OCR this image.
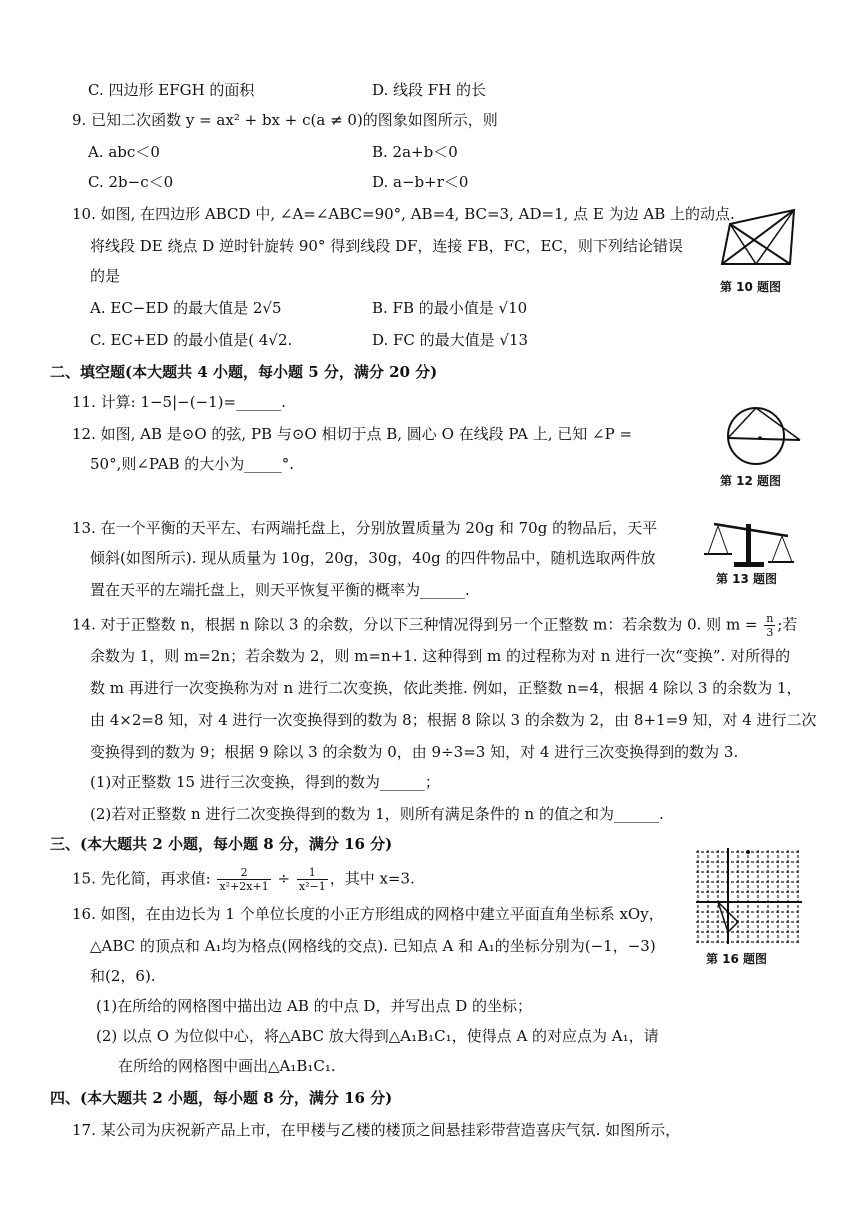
C. 四边形 EFGH 的面积	D. 线段 FH 的长
9. 已知二次函数 y = ax² + bx + c(a ≠ 0)的图象如图所示，则
A. abc＜0	B. 2a+b＜0
C. 2b−c＜0	D. a−b+r＜0
10. 如图, 在四边形 ABCD 中, ∠A=∠ABC=90°, AB=4, BC=3, AD=1, 点 E 为边 AB 上的动点.
将线段 DE 绕点 D 逆时针旋转 90° 得到线段 DF，连接 FB，FC，EC，则下列结论错误
的是
A. EC−ED 的最大值是 2√5	B. FB 的最小值是 √10
C. EC+ED 的最小值是( 4√2.	D. FC 的最大值是 √13
第 10 题图
二、填空题(本大题共 4 小题，每小题 5 分，满分 20 分)
11. 计算: 1−5|−(−1)=______.
12. 如图, AB 是⊙O 的弦, PB 与⊙O 相切于点 B, 圆心 O 在线段 PA 上, 已知 ∠P =
50°,则∠PAB 的大小为_____°.
第 12 题图
13. 在一个平衡的天平左、右两端托盘上，分别放置质量为 20g 和 70g 的物品后，天平
倾斜(如图所示). 现从质量为 10g，20g，30g，40g 的四件物品中，随机选取两件放
置在天平的左端托盘上，则天平恢复平衡的概率为______.
第 13 题图
14. 对于正整数 n，根据 n 除以 3 的余数，分以下三种情况得到另一个正整数 m：若余数为 0. 则 $m = \frac{n}{3}$ ;若
余数为 1，则 m=2n；若余数为 2，则 m=n+1. 这种得到 m 的过程称为对 n 进行一次“变换”. 对所得的
数 m 再进行一次变换称为对 n 进行二次变换，依此类推. 例如，正整数 n=4，根据 4 除以 3 的余数为 1，
由 4×2=8 知，对 4 进行一次变换得到的数为 8；根据 8 除以 3 的余数为 2，由 8+1=9 知，对 4 进行二次
变换得到的数为 9；根据 9 除以 3 的余数为 0，由 9÷3=3 知，对 4 进行三次变换得到的数为 3.
(1)对正整数 15 进行三次变换，得到的数为______；
(2)若对正整数 n 进行二次变换得到的数为 1，则所有满足条件的 n 的值之和为______.
三、(本大题共 2 小题，每小题 8 分，满分 16 分)
15. 先化简，再求值: $\frac{2}{\text{x²+2x+1}} \div \frac{1}{\text{x²−1}}$ ，其中 x=3.
16. 如图，在由边长为 1 个单位长度的小正方形组成的网格中建立平面直角坐标系 xOy，
△ABC 的顶点和 A₁均为格点(网格线的交点). 已知点 A 和 A₁的坐标分别为(−1，−3)
和(2，6).
(1)在所给的网格图中描出边 AB 的中点 D，并写出点 D 的坐标；
(2) 以点 O 为位似中心，将△ABC 放大得到△A₁B₁C₁，使得点 A 的对应点为 A₁，请
在所给的网格图中画出△A₁B₁C₁.
第 16 题图
四、(本大题共 2 小题，每小题 8 分，满分 16 分)
17. 某公司为庆祝新产品上市，在甲楼与乙楼的楼顶之间悬挂彩带营造喜庆气氛. 如图所示，
